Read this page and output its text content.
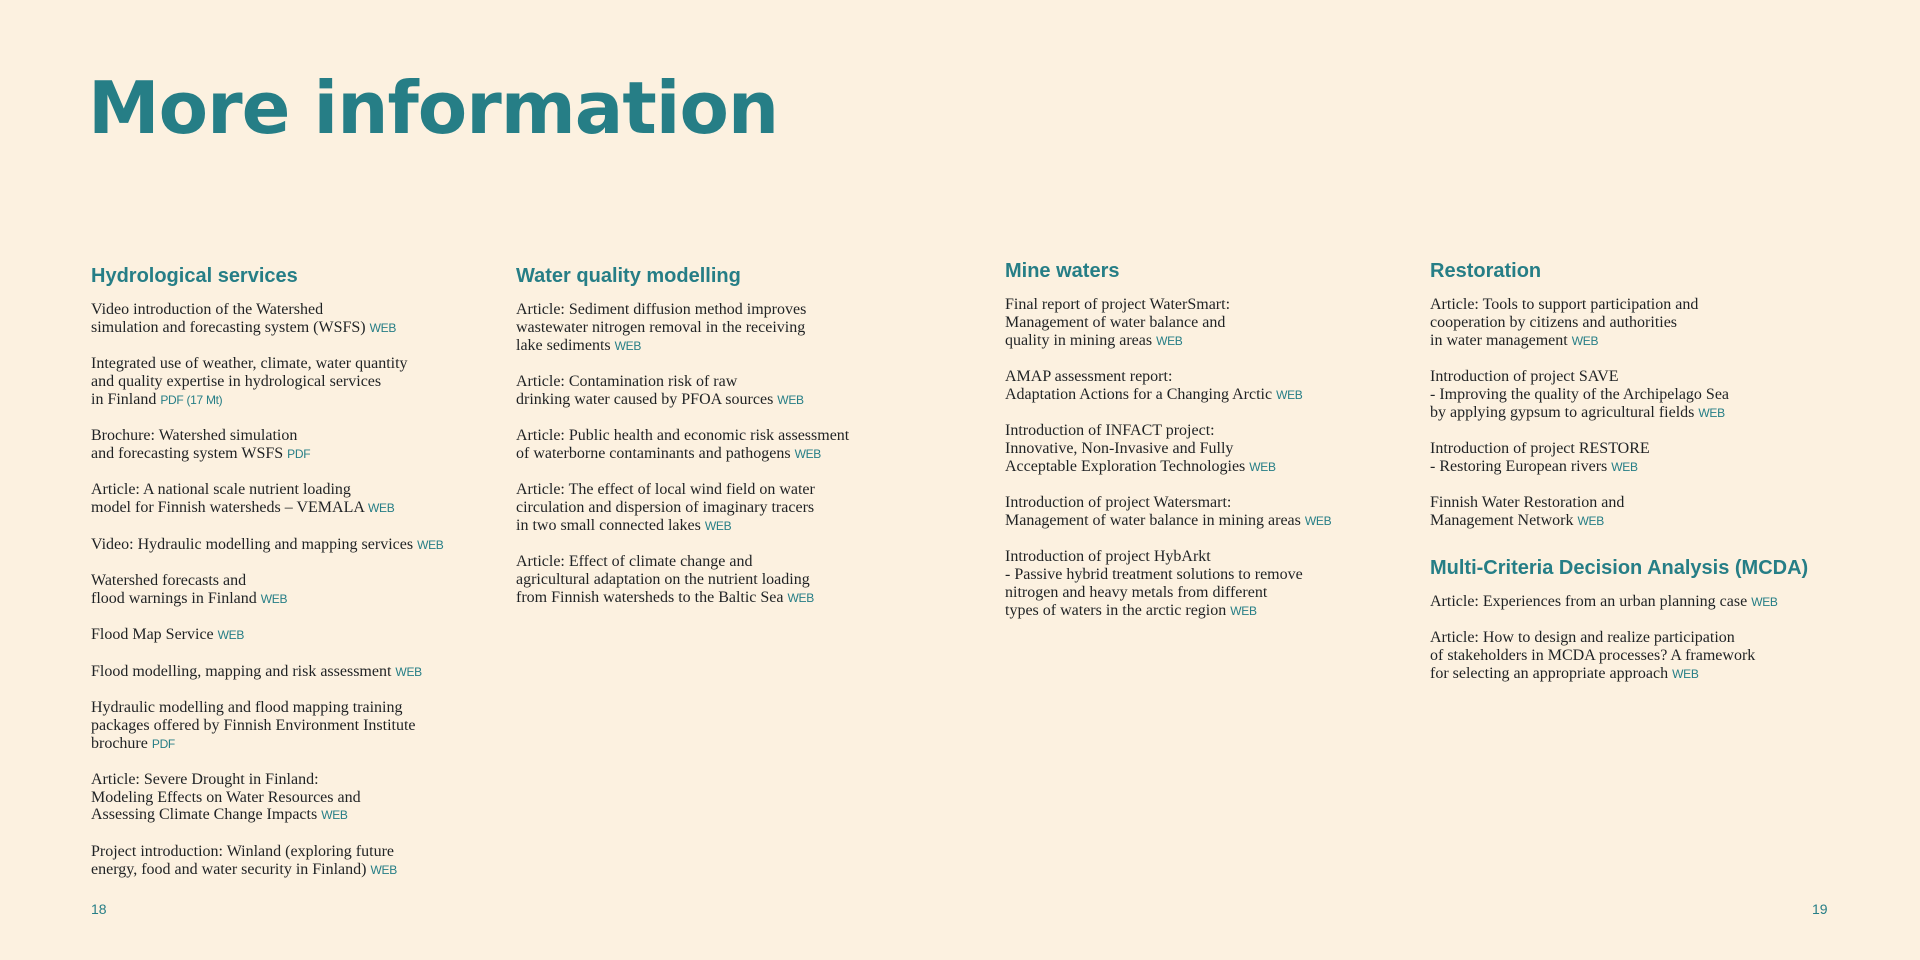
More information
Hydrological services
Video introduction of the Watershed
simulation and forecasting system (WSFS) WEB
Integrated use of weather, climate, water quantity
and quality expertise in hydrological services
in Finland PDF (17 Mt)
Brochure: Watershed simulation
and forecasting system WSFS PDF
Article: A national scale nutrient loading
model for Finnish watersheds – VEMALA WEB
Video: Hydraulic modelling and mapping services WEB
Watershed forecasts and
flood warnings in Finland WEB
Flood Map Service WEB
Flood modelling, mapping and risk assessment WEB
Hydraulic modelling and flood mapping training
packages offered by Finnish Environment Institute
brochure PDF
Article: Severe Drought in Finland:
Modeling Effects on Water Resources and
Assessing Climate Change Impacts WEB
Project introduction: Winland (exploring future
energy, food and water security in Finland) WEB
Water quality modelling
Article: Sediment diffusion method improves
wastewater nitrogen removal in the receiving
lake sediments WEB
Article: Contamination risk of raw
drinking water caused by PFOA sources WEB
Article: Public health and economic risk assessment
of waterborne contaminants and pathogens WEB
Article: The effect of local wind field on water
circulation and dispersion of imaginary tracers
in two small connected lakes WEB
Article: Effect of climate change and
agricultural adaptation on the nutrient loading
from Finnish watersheds to the Baltic Sea WEB
Mine waters
Final report of project WaterSmart:
Management of water balance and
quality in mining areas WEB
AMAP assessment report:
Adaptation Actions for a Changing Arctic WEB
Introduction of INFACT project:
Innovative, Non-Invasive and Fully
Acceptable Exploration Technologies WEB
Introduction of project Watersmart:
Management of water balance in mining areas WEB
Introduction of project HybArkt
- Passive hybrid treatment solutions to remove
nitrogen and heavy metals from different
types of waters in the arctic region WEB
Restoration
Article: Tools to support participation and
cooperation by citizens and authorities
in water management WEB
Introduction of project SAVE
- Improving the quality of the Archipelago Sea
by applying gypsum to agricultural fields WEB
Introduction of project RESTORE
- Restoring European rivers WEB
Finnish Water Restoration and
Management Network WEB
Multi-Criteria Decision Analysis (MCDA)
Article: Experiences from an urban planning case WEB
Article: How to design and realize participation
of stakeholders in MCDA processes? A framework
for selecting an appropriate approach WEB
18	19
